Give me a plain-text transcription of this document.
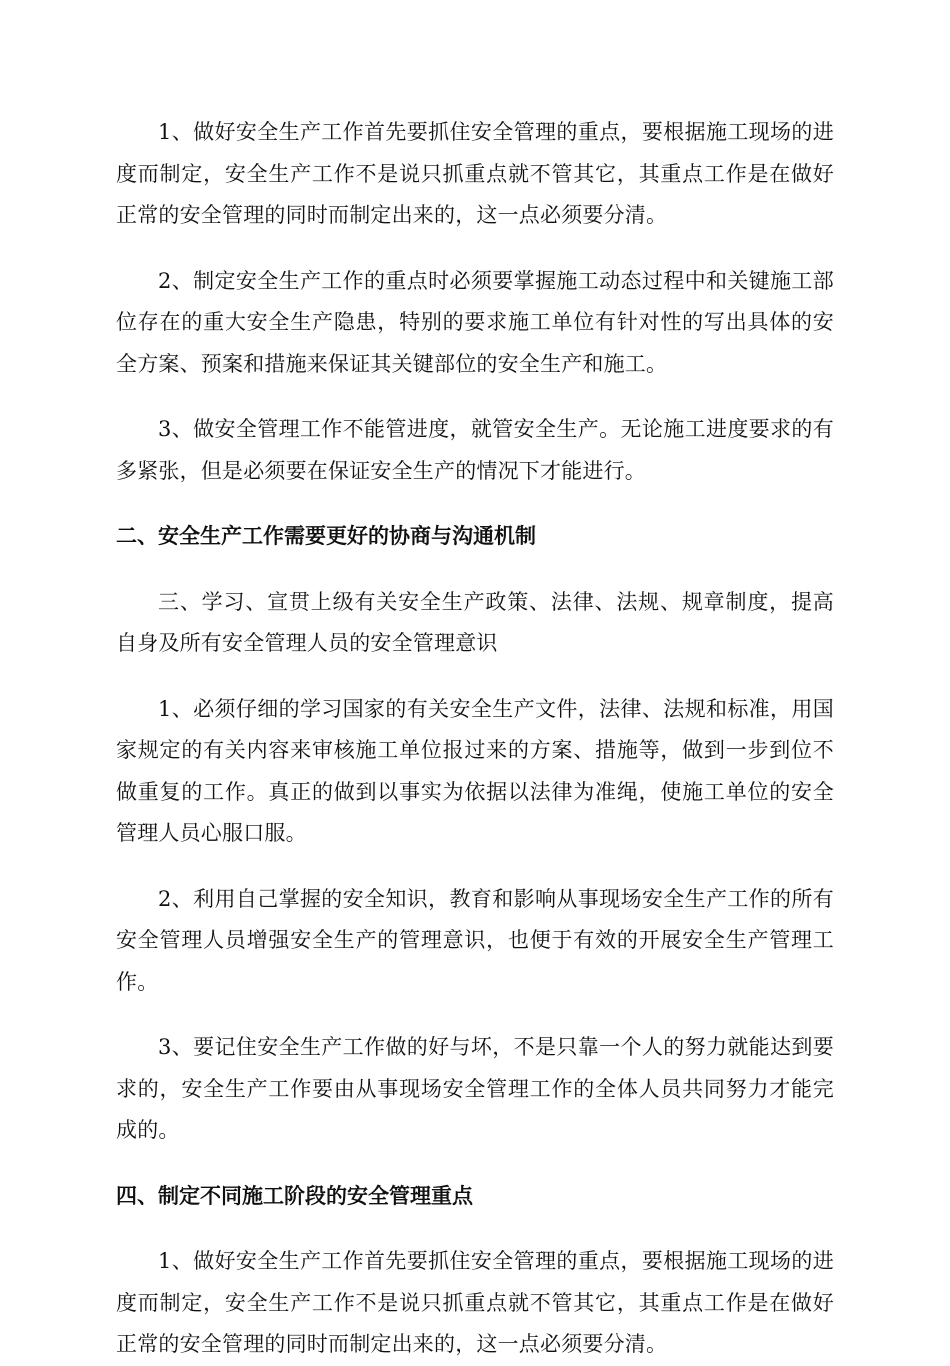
1、做好安全生产工作首先要抓住安全管理的重点，要根据施工现场的进度而制定，安全生产工作不是说只抓重点就不管其它，其重点工作是在做好正常的安全管理的同时而制定出来的，这一点必须要分清。

2、制定安全生产工作的重点时必须要掌握施工动态过程中和关键施工部位存在的重大安全生产隐患，特别的要求施工单位有针对性的写出具体的安全方案、预案和措施来保证其关键部位的安全生产和施工。

3、做安全管理工作不能管进度，就管安全生产。无论施工进度要求的有多紧张，但是必须要在保证安全生产的情况下才能进行。

二、安全生产工作需要更好的协商与沟通机制

三、学习、宣贯上级有关安全生产政策、法律、法规、规章制度，提高自身及所有安全管理人员的安全管理意识

1、必须仔细的学习国家的有关安全生产文件，法律、法规和标准，用国家规定的有关内容来审核施工单位报过来的方案、措施等，做到一步到位不做重复的工作。真正的做到以事实为依据以法律为准绳，使施工单位的安全管理人员心服口服。

2、利用自己掌握的安全知识，教育和影响从事现场安全生产工作的所有安全管理人员增强安全生产的管理意识，也便于有效的开展安全生产管理工作。

3、要记住安全生产工作做的好与坏，不是只靠一个人的努力就能达到要求的，安全生产工作要由从事现场安全管理工作的全体人员共同努力才能完成的。

四、制定不同施工阶段的安全管理重点

1、做好安全生产工作首先要抓住安全管理的重点，要根据施工现场的进度而制定，安全生产工作不是说只抓重点就不管其它，其重点工作是在做好正常的安全管理的同时而制定出来的，这一点必须要分清。
